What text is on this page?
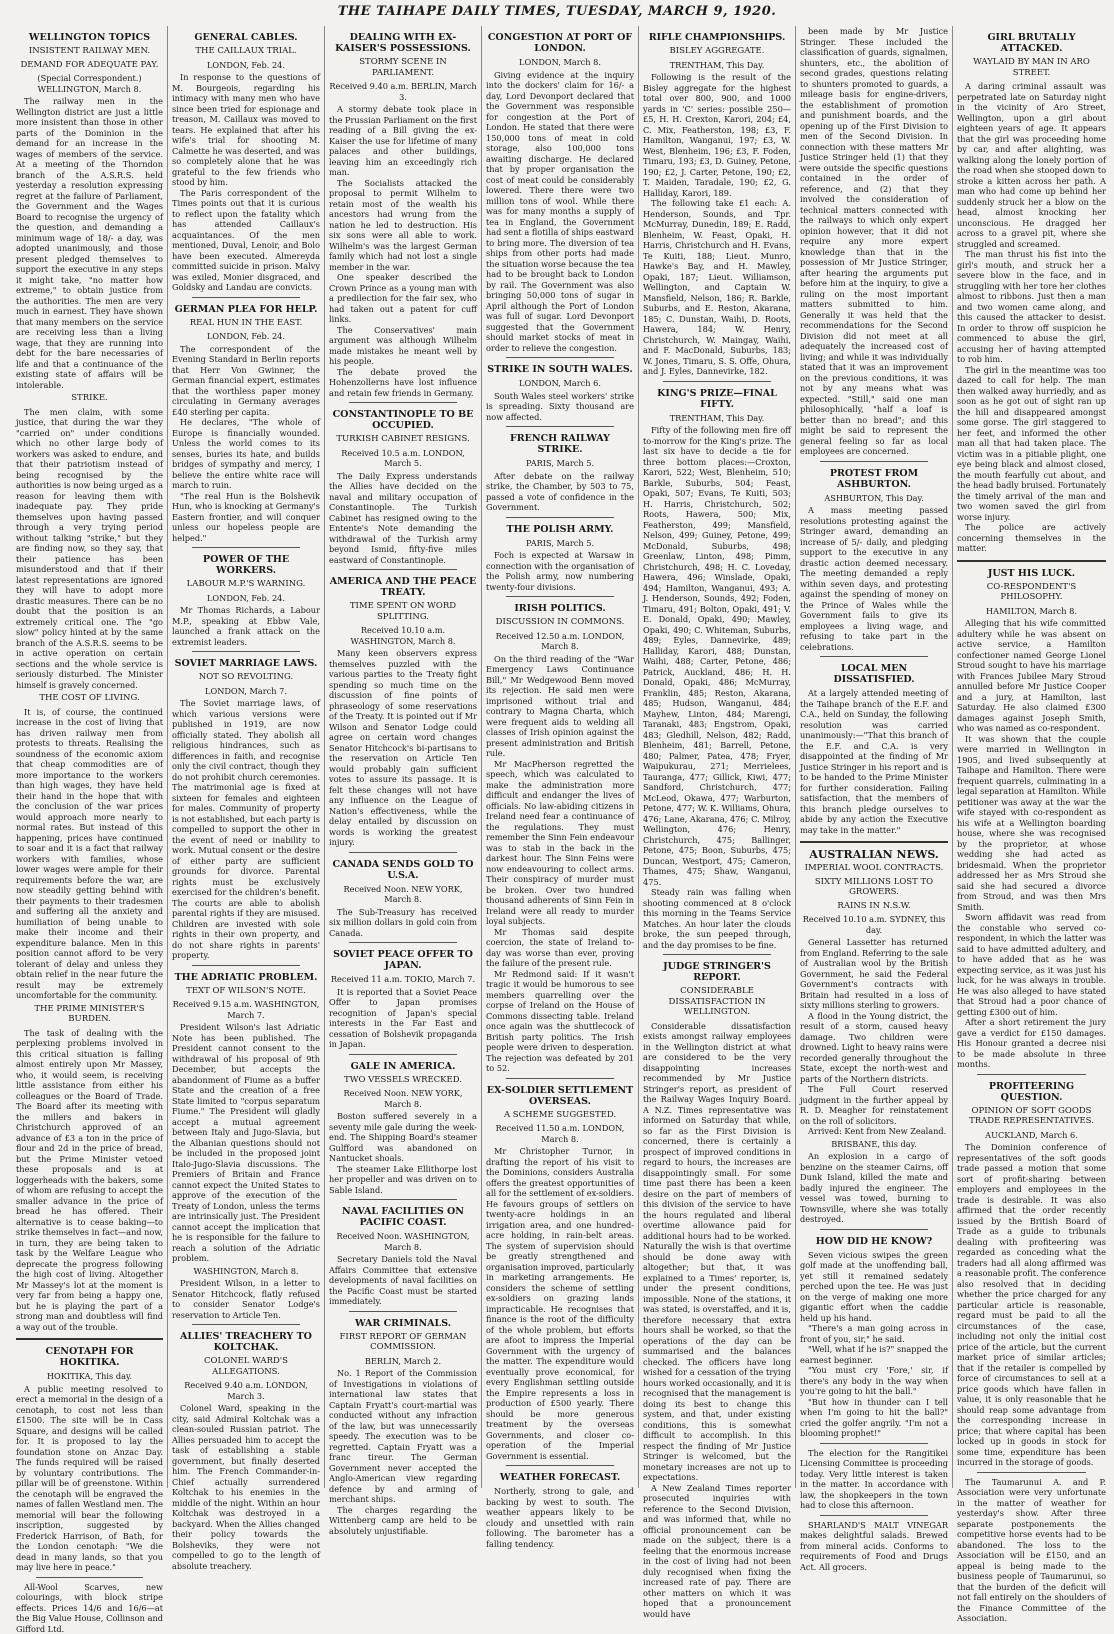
THE TAIHAPE DAILY TIMES, TUESDAY, MARCH 9, 1920.
WELLINGTON TOPICS
INSISTENT RAILWAY MEN.
DEMAND FOR ADEQUATE PAY.
(Special Correspondent.) WELLINGTON, March 8.

The railway men in the Wellington district are just a little more insistent than those in other parts of the Dominion in the demand for an increase in the wages of members of the service. At a meeting of the Thorndon branch of the A.S.R.S. held yesterday a resolution expressing regret at the failure of Parliament, the Government and the Wages Board to recognise the urgency of the question, and demanding a minimum wage of 18/- a day, was adopted unanimously, and those present pledged themselves to support the executive in any steps it might take, "no matter how extreme," to obtain justice from the authorities. The men are very much in earnest. They have shown that many members on the service are receiving less than a living wage, that they are running into debt for the bare necessaries of life and that a continuance of the existing state of affairs will be intolerable.

STRIKE.

The men claim, with some justice, that during the war they "carried on" under conditions which no other large body of workers was asked to endure, and that their patriotism instead of being recognised by the authorities is now being urged as a reason for leaving them with inadequate pay. They pride themselves upon having passed through a very trying period without talking "strike," but they are finding now, so they say, that their patience has been misunderstood and that if their latest representations are ignored they will have to adopt more drastic measures. There can be no doubt that the position is an extremely critical one. The "go slow" policy hinted at by the same branch of the A.S.R.S. seems to be in active operation on certain sections and the whole service is seriously disturbed. The Minister himself is gravely concerned.

THE COST OF LIVING.

It is, of course, the continued increase in the cost of living that has driven railway men from protests to threats. Realising the soundness of the economic axiom that cheap commodities are of more importance to the workers than high wages, they have held their hand in the hope that with the conclusion of the war prices would approach more nearly to normal rates. But instead of this happening, prices have continued to soar and it is a fact that railway workers with families, whose lower wages were ample for their requirements before the war, are now steadily getting behind with their payments to their tradesmen and suffering all the anxiety and humiliation of being unable to make their income and their expenditure balance. Men in this position cannot afford to be very tolerant of delay and unless they obtain relief in the near future the result may be extremely uncomfortable for the community.

THE PRIME MINISTER'S BURDEN.

The task of dealing with the perplexing problems involved in this critical situation is falling almost entirely upon Mr Massey, who, it would seem, is receiving little assistance from either his colleagues or the Board of Trade. The Board after its meeting with the millers and bakers in Christchurch approved of an advance of £3 a ton in the price of flour and 2d in the price of bread, but the Prime Minister vetoed these proposals and is at loggerheads with the bakers, some of whom are refusing to accept the smaller advance in the price of bread he has offered. Their alternative is to cease baking—to strike themselves in fact—and now, in turn, they are being taken to task by the Welfare League who deprecate the progress following the high cost of living. Altogether Mr Massey's lot at the moment is very far from being a happy one, but he is playing the part of a strong man and doubtless will find a way out of the trouble.

CENOTAPH FOR HOKITIKA.
HOKITIKA, This day.

A public meeting resolved to erect a memorial in the design of a cenotaph, to cost not less than £1500. The site will be in Cass Square, and designs will be called for. It is proposed to lay the foundation stone on Anzac Day. The funds required will be raised by voluntary contributions. The pillar will be of greenstone. Within the cenotaph will be engraved the names of fallen Westland men. The memorial will bear the following inscription, suggested by Frederick Harrison, of Bath, for the London cenotaph: "We die dead in many lands, so that you may live here in peace."

All-Wool Scarves, new colourings, with block stripe effects. Prices 14/6 and 16/6—at the Big Value House, Collinson and Gifford Ltd.

GENERAL CABLES.
THE CAILLAUX TRIAL.
LONDON, Feb. 24.

In response to the questions of M. Bourgeois, regarding his intimacy with many men who have since been tried for espionage and treason, M. Caillaux was moved to tears. He explained that after his wife's trial for shooting M. Calmette he was deserted, and was so completely alone that he was grateful to the few friends who stood by him.

The Paris correspondent of the Times points out that it is curious to reflect upon the fatality which has attended Caillaux's acquaintances. Of the men mentioned, Duval, Lenoir, and Bolo have been executed. Almereyda committed suicide in prison. Malvy was exiled, Monier disgraced, and Goldsky and Landau are convicts.

GERMAN PLEA FOR HELP.
REAL HUN IN THE EAST.
LONDON, Feb. 24.

The correspondent of the Evening Standard in Berlin reports that Herr Von Gwinner, the German financial expert, estimates that the worthless paper money circulating in Germany averages £40 sterling per capita.

He declares, "The whole of Europe is financially wounded. Unless the world comes to its senses, buries its hate, and builds bridges of sympathy and mercy, I believe the entire white race will march to ruin.

"The real Hun is the Bolshevik Hun, who is knocking at Germany's Eastern frontier, and will conquer unless our hopeless people are helped."

POWER OF THE WORKERS.
LABOUR M.P.'S WARNING.
LONDON, Feb. 24.

Mr Thomas Richards, a Labour M.P., speaking at Ebbw Vale, launched a frank attack on the extremist leaders.

SOVIET MARRIAGE LAWS.
NOT SO REVOLTING.
LONDON, March 7.

The Soviet marriage laws, of which various versions were published in 1919, are now officially stated. They abolish all religious hindrances, such as differences in faith, and recognise only the civil contract, though they do not prohibit church ceremonies. The matrimonial age is fixed at sixteen for females and eighteen for males. Community of property is not established, but each party is compelled to support the other in the event of need or inability to work. Mutual consent or the desire of either party are sufficient grounds for divorce. Parental rights must be exclusively exercised for the children's benefit. The courts are able to abolish parental rights if they are misused. Children are invested with sole rights in their own property, and do not share rights in parents' property.

THE ADRIATIC PROBLEM.
TEXT OF WILSON'S NOTE.
Received 9.15 a.m. WASHINGTON, March 7.

President Wilson's last Adriatic Note has been published. The President cannot consent to the withdrawal of his proposal of 9th December, but accepts the abandonment of Fiume as a buffer State and the creation of a free State limited to "corpus separatum Fiume." The President will gladly accept a mutual agreement between Italy and Jugo-Slavia, but the Albanian questions should not be included in the proposed joint Italo-Jugo-Slavia discussions. The Premiers of Britain and France cannot expect the United States to approve of the execution of the Treaty of London, unless the terms are intrinsically just. The President cannot accept the implication that he is responsible for the failure to reach a solution of the Adriatic problem.

WASHINGTON, March 8.

President Wilson, in a letter to Senator Hitchcock, flatly refused to consider Senator Lodge's reservation to Article Ten.

ALLIES' TREACHERY TO KOLTCHAK.
COLONEL WARD'S ALLEGATIONS.
Received 9.40 a.m. LONDON, March 3.

Colonel Ward, speaking in the city, said Admiral Koltchak was a clean-souled Russian patriot. The Allies persuaded him to accept the task of establishing a stable government, but finally deserted him. The French Commander-in-Chief actually surrendered Koltchak to his enemies in the middle of the night. Within an hour Koltchak was destroyed in a backyard. When the Allies changed their policy towards the Bolsheviks, they were not compelled to go to the length of absolute treachery.

DEALING WITH EX-KAISER'S POSSESSIONS.
STORMY SCENE IN PARLIAMENT.
Received 9.40 a.m. BERLIN, March 3.

A stormy debate took place in the Prussian Parliament on the first reading of a Bill giving the ex-Kaiser the use for lifetime of many palaces and other buildings, leaving him an exceedingly rich man.

The Socialists attacked the proposal to permit Wilhelm to retain most of the wealth his ancestors had wrung from the nation he led to destruction. His six sons were all able to work. Wilhelm's was the largest German family which had not lost a single member in the war.

One speaker described the Crown Prince as a young man with a predilection for the fair sex, who had taken out a patent for cuff links.

The Conservatives' main argument was although Wilhelm made mistakes he meant well by his people.

The debate proved the Hohenzollerns have lost influence and retain few friends in Germany.

CONSTANTINOPLE TO BE OCCUPIED.
TURKISH CABINET RESIGNS.
Received 10.5 a.m. LONDON, March 5.

The Daily Express understands the Allies have decided on the naval and military occupation of Constantinople. The Turkish Cabinet has resigned owing to the Entente's Note demanding the withdrawal of the Turkish army beyond Ismid, fifty-five miles eastward of Constantinople.

AMERICA AND THE PEACE TREATY.
TIME SPENT ON WORD SPLITTING.
Received 10.10 a.m. WASHINGTON, March 8.

Many keen observers express themselves puzzled with the various parties to the Treaty fight spending so much time on the discussion of fine points of phraseology of some reservations of the Treaty. It is pointed out if Mr Wilson and Senator Lodge could agree on certain word changes Senator Hitchcock's bi-partisans to the reservation on Article Ten would probably gain sufficient votes to assure its passage. It is felt these changes will not have any influence on the League of Nation's effectiveness, while the delay entailed by discussion on words is working the greatest injury.

CANADA SENDS GOLD TO U.S.A.
Received Noon. NEW YORK, March 8.

The Sub-Treasury has received six million dollars in gold coin from Canada.

SOVIET PEACE OFFER TO JAPAN.
Received 11 a.m. TOKIO, March 7.

It is reported that a Soviet Peace Offer to Japan promises recognition of Japan's special interests in the Far East and cessation of Bolshevik propaganda in Japan.

GALE IN AMERICA.
TWO VESSELS WRECKED.
Received Noon. NEW YORK, March 8.

Boston suffered severely in a seventy mile gale during the week-end. The Shipping Board's steamer Gulfford was abandoned on Nantucket shoals.

The steamer Lake Ellithorpe lost her propeller and was driven on to Sable Island.

NAVAL FACILITIES ON PACIFIC COAST.
Received Noon. WASHINGTON, March 8.

Secretary Daniels told the Naval Affairs Committee that extensive developments of naval facilities on the Pacific Coast must be started immediately.

WAR CRIMINALS.
FIRST REPORT OF GERMAN COMMISSION.
BERLIN, March 2.

No. 1 Report of the Commission of Investigations in violations of international law states that Captain Fryatt's court-martial was conducted without any infraction of the law, but was unnecessarily speedy. The execution was to be regretted. Captain Fryatt was a franc tireur. The German Government never accepted the Anglo-American view regarding defence by and arming of merchant ships.

The charges regarding the Wittenberg camp are held to be absolutely unjustifiable.

CONGESTION AT PORT OF LONDON.
LONDON, March 8.

Giving evidence at the inquiry into the dockers' claim for 16/- a day, Lord Devonport declared that the Government was responsible for congestion at the Port of London. He stated that there were 150,000 tons of meat in cold storage, also 100,000 tons awaiting discharge. He declared that by proper organisation the cost of meat could be considerably lowered. There there were two million tons of wool. While there was for many months a supply of tea in England, the Government had sent a flotilla of ships eastward to bring more. The diversion of tea ships from other ports had made the situation worse because the tea had to be brought back to London by rail. The Government was also bringing 50,000 tons of sugar in April although the Port of London was full of sugar. Lord Devonport suggested that the Government should market stocks of meat in order to relieve the congestion.

STRIKE IN SOUTH WALES.
LONDON, March 6.

South Wales steel workers' strike is spreading. Sixty thousand are now affected.

FRENCH RAILWAY STRIKE.
PARIS, March 5.

After debate on the railway strike, the Chamber, by 503 to 75, passed a vote of confidence in the Government.

THE POLISH ARMY.
PARIS, March 5.

Foch is expected at Warsaw in connection with the organisation of the Polish army, now numbering twenty-four divisions.

IRISH POLITICS.
DISCUSSION IN COMMONS.
Received 12.50 a.m. LONDON, March 8.

On the third reading of the "War Emergency Laws Continuance Bill," Mr Wedgewood Benn moved its rejection. He said men were imprisoned without trial and contrary to Magna Charta, which were frequent aids to welding all classes of Irish opinion against the present administration and British rule.

Mr MacPherson regretted the speech, which was calculated to make the administration more difficult and endanger the lives of officials. No law-abiding citizens in Ireland need fear a continuance of the regulations. They must remember the Sinn Fein endeavour was to stab in the back in the darkest hour. The Sinn Feins were now endeavouring to collect arms. Their conspiracy of murder must be broken. Over two hundred thousand adherents of Sinn Fein in Ireland were all ready to murder loyal subjects.

Mr Thomas said despite coercion, the state of Ireland to-day was worse than ever, proving the failure of the present rule.

Mr Redmond said: If it wasn't tragic it would be humorous to see members quarrelling over the corpse of Ireland on the House of Commons dissecting table. Ireland once again was the shuttlecock of British party politics. The Irish people were driven to desperation. The rejection was defeated by 201 to 52.

EX-SOLDIER SETTLEMENT OVERSEAS.
A SCHEME SUGGESTED.
Received 11.50 a.m. LONDON, March 8.

Mr Christopher Turnor, in drafting the report of his visit to the Dominions, considers Australia offers the greatest opportunities of all for the settlement of ex-soldiers. He favours groups of settlers on twenty-acre holdings in an irrigation area, and one hundred-acre holding, in rain-belt areas. The system of supervision should be greatly strengthened and organisation improved, particularly in marketing arrangements. He considers the scheme of settling ex-soldiers on grazing lands impracticable. He recognises that finance is the root of the difficulty of the whole problem, but efforts are afoot to impress the Imperial Government with the urgency of the matter. The expenditure would eventually prove economical, for every Englishman settling outside the Empire represents a loss in production of £500 yearly. There should be more generous treatment by the overseas Governments, and closer co-operation of the Imperial Government is essential.

WEATHER FORECAST.

Northerly, strong to gale, and backing by west to south. The weather appears likely to be cloudy and unsettled with rain following. The barometer has a falling tendency.

RIFLE CHAMPIONSHIPS.
BISLEY AGGREGATE.
TRENTHAM, This Day.

Following is the result of the Bisley aggregate for the highest total over 800, 900, and 1000 yards in 'C' series: possible 250—£5, H. H. Crexton, Karori, 204; £4, C. Mix, Featherston, 198; £3, F. Hamilton, Wanganui, 197; £3, W. West, Blenheim, 196; £3, F. Foden, Timaru, 193; £3, D. Guiney, Petone, 190; £2, J. Carter, Petone, 190; £2, T. Maiden, Taradale, 190; £2, G. Halliday, Karori, 189.

The following take £1 each: A. Henderson, Sounds, and Tpr. McMurray, Dunedin, 189; E. Radd, Blenheim, W. Feast, Opaki, H. Harris, Christchurch and H. Evans, Te Kuiti, 188; Lieut. Munro, Hawke's Bay, and H. Mawley, Opaki, 187; Lieut. Williamson, Wellington, and Captain W. Mansfield, Nelson, 186; R. Barkle, Suburbs, and E. Reston, Akarana, 185; C. Dunstan, Waihi, D. Roots, Hawera, 184; W. Henry, Christchurch, W. Maingay, Waihi, and F. MacDonald, Suburbs, 183; W. Jones, Timaru, S. S. Offe, Ohura, and J. Eyles, Dannevirke, 182.

KING'S PRIZE—FINAL FIFTY.
TRENTHAM, This Day.

Fifty of the following men fire off to-morrow for the King's prize. The last six have to decide a tie for three bottom places:—Croxton, Karori, 522; West, Blenheim, 510; Barkle, Suburbs, 504; Feast, Opaki, 507; Evans, Te Kuiti, 503; H. Harris, Christchurch, 502; Roots, Hawera, 500; Mix, Featherston, 499; Mansfield, Nelson, 499; Guiney, Petone, 499; McDonald, Suburbs, 498; Greenlaw, Linton, 498; Pimm, Christchurch, 498; H. C. Loveday, Hawera, 496; Winslade, Opaki, 494; Hamilton, Wanganui, 493; A. J. Henderson, Sounds, 492; Foden, Timaru, 491; Bolton, Opaki, 491; V. E. Donald, Opaki, 490; Mawley, Opaki, 490; C. Whiteman, Suburbs, 489; Eyles, Dannevirke, 489; Halliday, Karori, 488; Dunstan, Waihi, 488; Carter, Petone, 486; Patrick, Auckland, 486; H. H. Donald, Opaki, 486; McMurray, Franklin, 485; Reston, Akarana, 485; Hudson, Wanganui, 484; Mayhew, Linton, 484; Marengi, Taranaki, 483; Engstrom, Opaki, 483; Gledhill, Nelson, 482; Radd, Blenheim, 481; Barrell, Petone, 480; Palmer, Patea, 478; Fryer, Waipukurau, 271; Merrielees, Tauranga, 477; Gillick, Kiwi, 477; Sandford, Christchurch, 477; McLeod, Okawa, 477; Warburton, Petone, 477; W. K. Williams, Ohura, 476; Lane, Akarana, 476; C. Milroy, Wellington, 476; Henry, Christchurch, 475; Ballinger, Petone, 475; Boon, Suburbs, 475; Duncan, Westport, 475; Cameron, Thames, 475; Shaw, Wanganui, 475.

Steady rain was falling when shooting commenced at 8 o'clock this morning in the Teams Service Matches. An hour later the clouds broke, the sun peeped through, and the day promises to be fine.

JUDGE STRINGER'S REPORT.
CONSIDERABLE DISSATISFACTION IN WELLINGTON.

Considerable dissatisfaction exists amongst railway employees in the Wellington district at what are considered to be the very disappointing increases recommended by Mr Justice Stringer's report, as president of the Railway Wages Inquiry Board. A N.Z. Times representative was informed on Saturday that while, so far as the First Division is concerned, there is certainly a prospect of improved conditions in regard to hours, the increases are disappointingly small. For some time past there has been a keen desire on the part of members of this division of the service to have the hours regulated and liberal overtime allowance paid for additional hours had to be worked. Naturally the wish is that overtime should be done away with altogether; but that, it was explained to a Times' reporter, is, under the present conditions, impossible. None of the stations, it was stated, is overstaffed, and it is, therefore necessary that extra hours shall be worked, so that the operations of the day can be summarised and the balances checked. The officers have long wished for a cessation of the trying hours worked occasionally, and it is recognised that the management is doing its best to change this system, and that, under existing conditions, this is somewhat difficult to accomplish. In this respect the finding of Mr Justice Stringer is welcomed, but the monetary increases are not up to expectations.

A New Zealand Times reporter prosecuted inquiries with reference to the Second Division, and was informed that, while no official pronouncement can be made on the subject, there is a feeling that the enormous increase in the cost of living had not been duly recognised when fixing the increased rate of pay. There are other matters on which it was hoped that a pronouncement would have

been made by Mr Justice Stringer. These included the classification of guards, signalmen, shunters, etc., the abolition of second grades, questions relating to shunters promoted to guards, a mileage basis for engine-drivers, the establishment of promotion and punishment boards, and the opening up of the First Division to men of the Second Division. In connection with these matters Mr Justice Stringer held (1) that they were outside the specific questions contained in the order of reference, and (2) that they involved the consideration of technical matters connected with the railways to which only expert opinion however, that it did not require any more expert knowledge than that in the possession of Mr Justice Stringer, after hearing the arguments put before him at the inquiry, to give a ruling on the most important matters submitted to him. Generally it was held that the recommendations for the Second Division did not meet at all adequately the increased cost of living; and while it was individually stated that it was an improvement on the previous conditions, it was not by any means what was expected. "Still," said one man philosophically, "half a loaf is better than no bread"; and this might be said to represent the general feeling so far as local employees are concerned.

PROTEST FROM ASHBURTON.
ASHBURTON, This Day.

A mass meeting passed resolutions protesting against the Stringer award, demanding an increase of 5/- daily, and pledging support to the executive in any drastic action deemed necessary. The meeting demanded a reply within seven days, and protesting against the spending of money on the Prince of Wales while the Government fails to give its employees a living wage, and refusing to take part in the celebrations.

LOCAL MEN DISSATISFIED.

At a largely attended meeting of the Taihape branch of the E.F. and C.A., held on Sunday, the following resolution was carried unanimously:—"That this branch of the E.F. and C.A. is very disappointed at the finding of Mr Justice Stringer in his report and is to be handed to the Prime Minister for further consideration. Failing satisfaction, that the members of this branch pledge ourselves to abide by any action the Executive may take in the matter."

AUSTRALIAN NEWS.
IMPERIAL WOOL CONTRACTS.
SIXTY MILLIONS LOST TO GROWERS.
RAINS IN N.S.W.
Received 10.10 a.m. SYDNEY, this day.

General Lassetter has returned from England. Referring to the sale of Australian wool by the British Government, he said the Federal Government's contracts with Britain had resulted in a loss of sixty millions sterling to growers.

A flood in the Young district, the result of a storm, caused heavy damage. Two children were drowned. Light to heavy rains were recorded generally throughout the State, except the north-west and parts of the Northern districts.

The Full Court reserved judgment in the further appeal by R. D. Meagher for reinstatement on the roll of solicitors.

Arrived: Kent from New Zealand.

BRISBANE, this day.

An explosion in a cargo of benzine on the steamer Cairns, off Dunk Island, killed the mate and badly injured the engineer. The vessel was towed, burning to Townsville, where she was totally destroyed.

HOW DID HE KNOW?

Seven vicious swipes the green golf made at the unoffending ball, yet still it remained sedately perched upon the tee. He was just on the verge of making one more gigantic effort when the caddie held up his hand.

"There's a man going across in front of you, sir," he said.

"Well, what if he is?" snapped the earnest beginner.

"You must cry 'Fore,' sir, if there's any body in the way when you're going to hit the ball."

"But how in thunder can I tell when I'm going to hit the ball?" cried the golfer angrily. "I'm not a blooming prophet!"

The election for the Rangitikei Licensing Committee is proceeding today. Very little interest is taken in the matter. In accordance with law, the shopkeepers in the town had to close this afternoon.

SHARLAND'S MALT VINEGAR makes delightful salads. Brewed from mineral acids. Conforms to requirements of Food and Drugs Act. All grocers.

GIRL BRUTALLY ATTACKED.
WAYLAID BY MAN IN ARO STREET.

A daring criminal assault was perpetrated late on Saturday night in the vicinity of Aro Street, Wellington, upon a girl about eighteen years of age. It appears that the girl was proceeding home by car, and after alighting, was walking along the lonely portion of the road when she stooped down to stroke a kitten across her path. A man who had come up behind her suddenly struck her a blow on the head, almost knocking her unconscious. He dragged her across to a gravel pit, where she struggled and screamed.

The man thrust his fist into the girl's mouth, and struck her a severe blow in the face, and in struggling with her tore her clothes almost to ribbons. Just then a man and two women came along, and this caused the attacker to desist. In order to throw off suspicion he commenced to abuse the girl, accusing her of having attempted to rob him.

The girl in the meantime was too dazed to call for help. The man then walked away hurriedly, and as soon as he got out of sight ran up the hill and disappeared amongst some gorse. The girl staggered to her feet, and informed the other man all that had taken place. The victim was in a pitiable plight, one eye being black and almost closed, the mouth fearfully cut about, and the head badly bruised. Fortunately the timely arrival of the man and two women saved the girl from worse injury.

The police are actively concerning themselves in the matter.

JUST HIS LUCK.
CO-RESPONDENT'S PHILOSOPHY.
HAMILTON, March 8.

Alleging that his wife committed adultery while he was absent on active service, a Hamilton confectioner named George Lionel Stroud sought to have his marriage with Frances Jubilee Mary Stroud annulled before Mr Justice Cooper and a jury, at Hamilton, last Saturday. He also claimed £300 damages against Joseph Smith, who was named as co-respondent.

It was shown that the couple were married in Wellington in 1905, and lived subsequently at Taihape and Hamilton. There were frequent quarrels, culminating in a legal separation at Hamilton. While petitioner was away at the war the wife stayed with co-respondent as his wife at a Wellington boarding house, where she was recognised by the proprietor, at whose wedding she had acted as bridesmaid. When the proprietor addressed her as Mrs Stroud she said she had secured a divorce from Stroud, and was then Mrs Smith.

Sworn affidavit was read from the constable who served co-respondent, in which the latter was said to have admitted adultery, and to have added that as he was expecting service, as it was just his luck, for he was always in trouble. He was also alleged to have stated that Stroud had a poor chance of getting £300 out of him.

After a short retirement the jury gave a verdict for £150 damages. His Honour granted a decree nisi to be made absolute in three months.

PROFITEERING QUESTION.
OPINION OF SOFT GOODS TRADE REPRESENTATIVES.
AUCKLAND, March 6.

The Dominion conference of representatives of the soft goods trade passed a motion that some sort of profit-sharing between employers and employees in the trade is desirable. It was also affirmed that the order recently issued by the British Board of Trade as a guide to tribunals dealing with profiteering was regarded as conceding what the traders had all along affirmed was a reasonable profit. The conference also resolved that in deciding whether the price charged for any particular article is reasonable, regard must be paid to all the circumstances of the case, including not only the initial cost price of the article, but the current market price of similar articles; that if the retailer is compelled by force of circumstances to sell at a price goods which have fallen in value, it is only reasonable that he should reap some advantage from the corresponding increase in price; that where capital has been locked up in goods in stock for some time, expenditure has been incurred in the storage of goods.

The Taumarunui A. and P. Association were very unfortunate in the matter of weather for yesterday's show. After three separate postponements the competitive horse events had to be abandoned. The loss to the Association will be £150, and an appeal is being made to the business people of Taumarunui, so that the burden of the deficit will not fall entirely on the shoulders of the Finance Committee of the Association.
